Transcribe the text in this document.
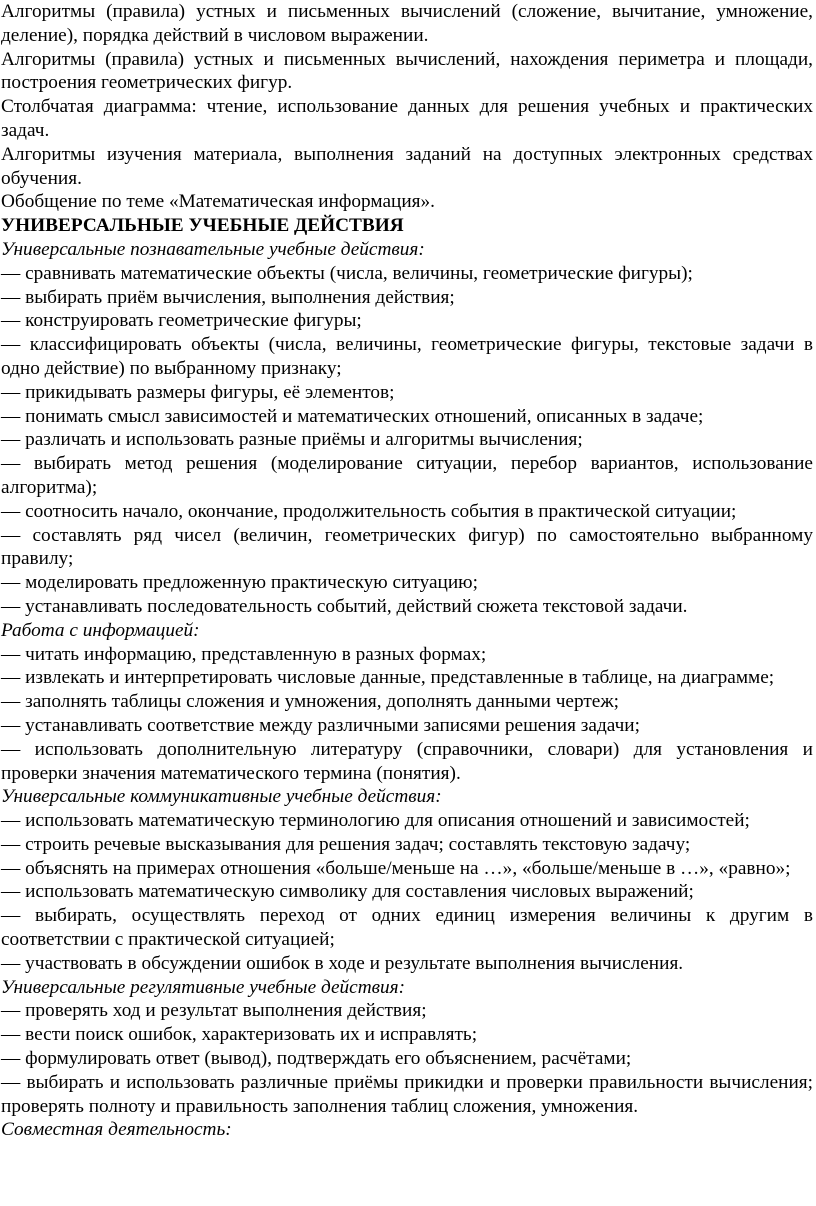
Алгоритмы (правила) устных и письменных вычислений (сложение, вычитание, умножение, деление), порядка действий в числовом выражении.

Алгоритмы (правила) устных и письменных вычислений, нахождения периметра и площади, построения геометрических фигур.

Столбчатая диаграмма: чтение, использование данных для решения учебных и практических задач.

Алгоритмы изучения материала, выполнения заданий на доступных электронных средствах обучения.

Обобщение по теме «Математическая информация».

УНИВЕРСАЛЬНЫЕ УЧЕБНЫЕ ДЕЙСТВИЯ

Универсальные познавательные учебные действия:

— сравнивать математические объекты (числа, величины, геометрические фигуры);

— выбирать приём вычисления, выполнения действия;

— конструировать геометрические фигуры;

— классифицировать объекты (числа, величины, геометрические фигуры, текстовые задачи в одно действие) по выбранному признаку;

— прикидывать размеры фигуры, её элементов;

— понимать смысл зависимостей и математических отношений, описанных в задаче;

— различать и использовать разные приёмы и алгоритмы вычисления;

— выбирать метод решения (моделирование ситуации, перебор вариантов, использование алгоритма);

— соотносить начало, окончание, продолжительность события в практической ситуации;

— составлять ряд чисел (величин, геометрических фигур) по самостоятельно выбранному правилу;

— моделировать предложенную практическую ситуацию;

— устанавливать последовательность событий, действий сюжета текстовой задачи.

Работа с информацией:

— читать информацию, представленную в разных формах;

— извлекать и интерпретировать числовые данные, представленные в таблице, на диаграмме;

— заполнять таблицы сложения и умножения, дополнять данными чертеж;

— устанавливать соответствие между различными записями решения задачи;

— использовать дополнительную литературу (справочники, словари) для установления и проверки значения математического термина (понятия).

Универсальные коммуникативные учебные действия:

— использовать математическую терминологию для описания отношений и зависимостей;

— строить речевые высказывания для решения задач; составлять текстовую задачу;

— объяснять на примерах отношения «больше/меньше на …», «больше/меньше в …», «равно»;

— использовать математическую символику для составления числовых выражений;

— выбирать, осуществлять переход от одних единиц измерения величины к другим в соответствии с практической ситуацией;

— участвовать в обсуждении ошибок в ходе и результате выполнения вычисления.

Универсальные регулятивные учебные действия:

— проверять ход и результат выполнения действия;

— вести поиск ошибок, характеризовать их и исправлять;

— формулировать ответ (вывод), подтверждать его объяснением, расчётами;

— выбирать и использовать различные приёмы прикидки и проверки правильности вычисления; проверять полноту и правильность заполнения таблиц сложения, умножения.

Совместная деятельность:
